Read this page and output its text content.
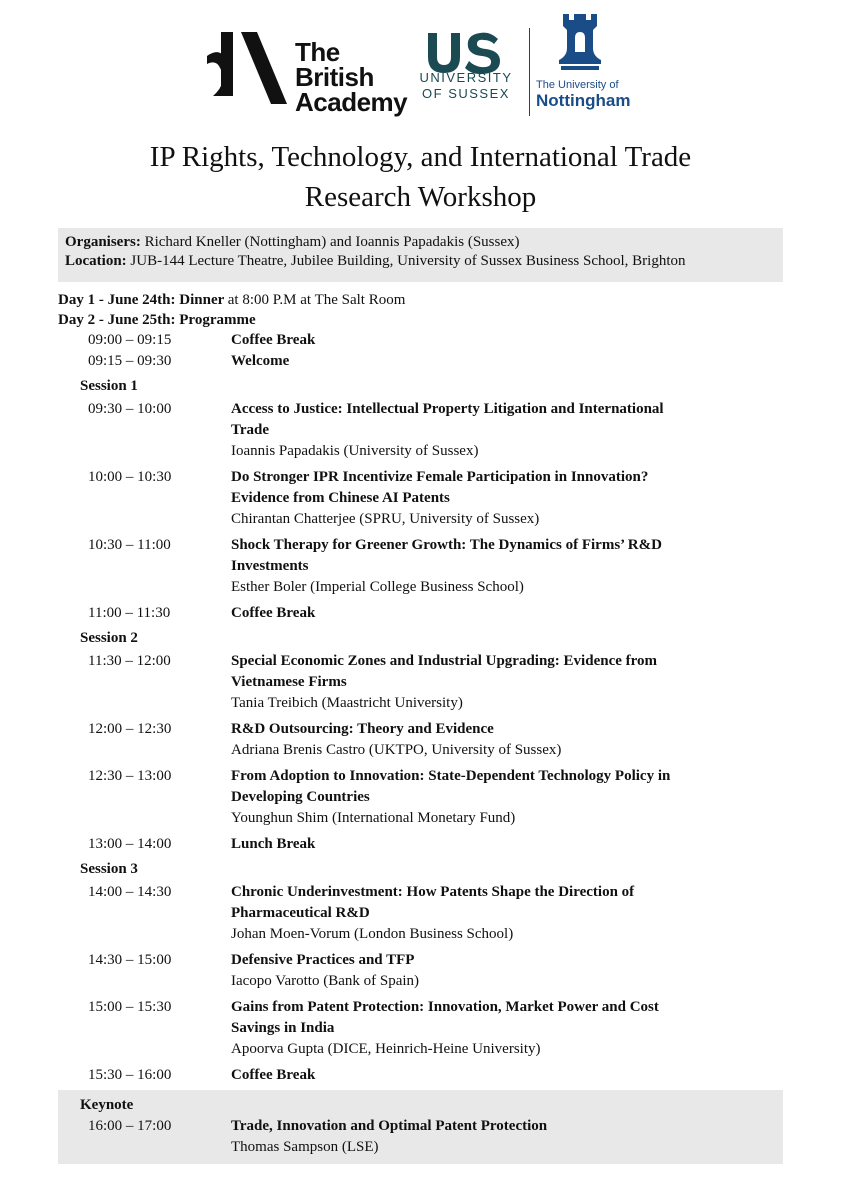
The
British
Academy
UNIVERSITY
OF SUSSEX
The University of
Nottingham
IP Rights, Technology, and International Trade
Research Workshop
Organisers: Richard Kneller (Nottingham) and Ioannis Papadakis (Sussex)
Location: JUB-144 Lecture Theatre, Jubilee Building, University of Sussex Business School, Brighton
Day 1 - June 24th: Dinner at 8:00 P.M at The Salt Room
Day 2 - June 25th: Programme
09:00 – 09:15	Coffee Break
09:15 – 09:30	Welcome
Session 1
09:30 – 10:00	Access to Justice: Intellectual Property Litigation and International
Trade
Ioannis Papadakis (University of Sussex)
10:00 – 10:30	Do Stronger IPR Incentivize Female Participation in Innovation?
Evidence from Chinese AI Patents
Chirantan Chatterjee (SPRU, University of Sussex)
10:30 – 11:00	Shock Therapy for Greener Growth: The Dynamics of Firms’ R&D
Investments
Esther Boler (Imperial College Business School)
11:00 – 11:30	Coffee Break
Session 2
11:30 – 12:00	Special Economic Zones and Industrial Upgrading: Evidence from
Vietnamese Firms
Tania Treibich (Maastricht University)
12:00 – 12:30	R&D Outsourcing: Theory and Evidence
Adriana Brenis Castro (UKTPO, University of Sussex)
12:30 – 13:00	From Adoption to Innovation: State-Dependent Technology Policy in
Developing Countries
Younghun Shim (International Monetary Fund)
13:00 – 14:00	Lunch Break
Session 3
14:00 – 14:30	Chronic Underinvestment: How Patents Shape the Direction of
Pharmaceutical R&D
Johan Moen-Vorum (London Business School)
14:30 – 15:00	Defensive Practices and TFP
Iacopo Varotto (Bank of Spain)
15:00 – 15:30	Gains from Patent Protection: Innovation, Market Power and Cost
Savings in India
Apoorva Gupta (DICE, Heinrich-Heine University)
15:30 – 16:00	Coffee Break
Keynote
16:00 – 17:00	Trade, Innovation and Optimal Patent Protection
Thomas Sampson (LSE)
